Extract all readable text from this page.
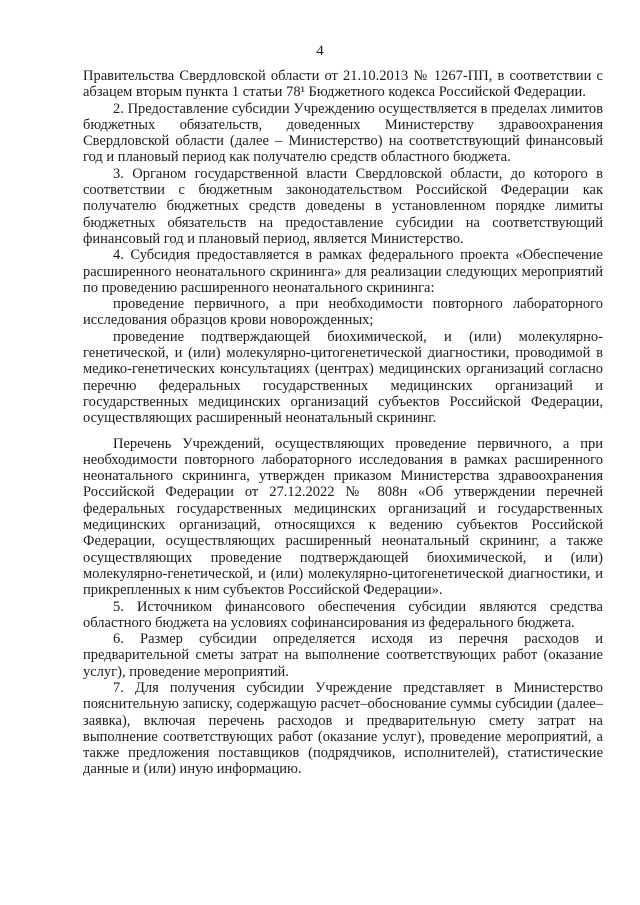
4

Правительства Свердловской области от 21.10.2013 № 1267-ПП, в соответствии с абзацем вторым пункта 1 статьи 78¹ Бюджетного кодекса Российской Федерации.

2. Предоставление субсидии Учреждению осуществляется в пределах лимитов бюджетных обязательств, доведенных Министерству здравоохранения Свердловской области (далее – Министерство) на соответствующий финансовый год и плановый период как получателю средств областного бюджета.

3. Органом государственной власти Свердловской области, до которого в соответствии с бюджетным законодательством Российской Федерации как получателю бюджетных средств доведены в установленном порядке лимиты бюджетных обязательств на предоставление субсидии на соответствующий финансовый год и плановый период, является Министерство.

4. Субсидия предоставляется в рамках федерального проекта «Обеспечение расширенного неонатального скрининга» для реализации следующих мероприятий по проведению расширенного неонатального скрининга:

проведение первичного, а при необходимости повторного лабораторного исследования образцов крови новорожденных;

проведение подтверждающей биохимической, и (или) молекулярно-генетической, и (или) молекулярно-цитогенетической диагностики, проводимой в медико-генетических консультациях (центрах) медицинских организаций согласно перечню федеральных государственных медицинских организаций и государственных медицинских организаций субъектов Российской Федерации, осуществляющих расширенный неонатальный скрининг.

Перечень Учреждений, осуществляющих проведение первичного, а при необходимости повторного лабораторного исследования в рамках расширенного неонатального скрининга, утвержден приказом Министерства здравоохранения Российской Федерации от 27.12.2022 № 808н «Об утверждении перечней федеральных государственных медицинских организаций и государственных медицинских организаций, относящихся к ведению субъектов Российской Федерации, осуществляющих расширенный неонатальный скрининг, а также осуществляющих проведение подтверждающей биохимической, и (или) молекулярно-генетической, и (или) молекулярно-цитогенетической диагностики, и прикрепленных к ним субъектов Российской Федерации».

5. Источником финансового обеспечения субсидии являются средства областного бюджета на условиях софинансирования из федерального бюджета.

6. Размер субсидии определяется исходя из перечня расходов и предварительной сметы затрат на выполнение соответствующих работ (оказание услуг), проведение мероприятий.

7. Для получения субсидии Учреждение представляет в Министерство пояснительную записку, содержащую расчет–обоснование суммы субсидии (далее–заявка), включая перечень расходов и предварительную смету затрат на выполнение соответствующих работ (оказание услуг), проведение мероприятий, а также предложения поставщиков (подрядчиков, исполнителей), статистические данные и (или) иную информацию.
